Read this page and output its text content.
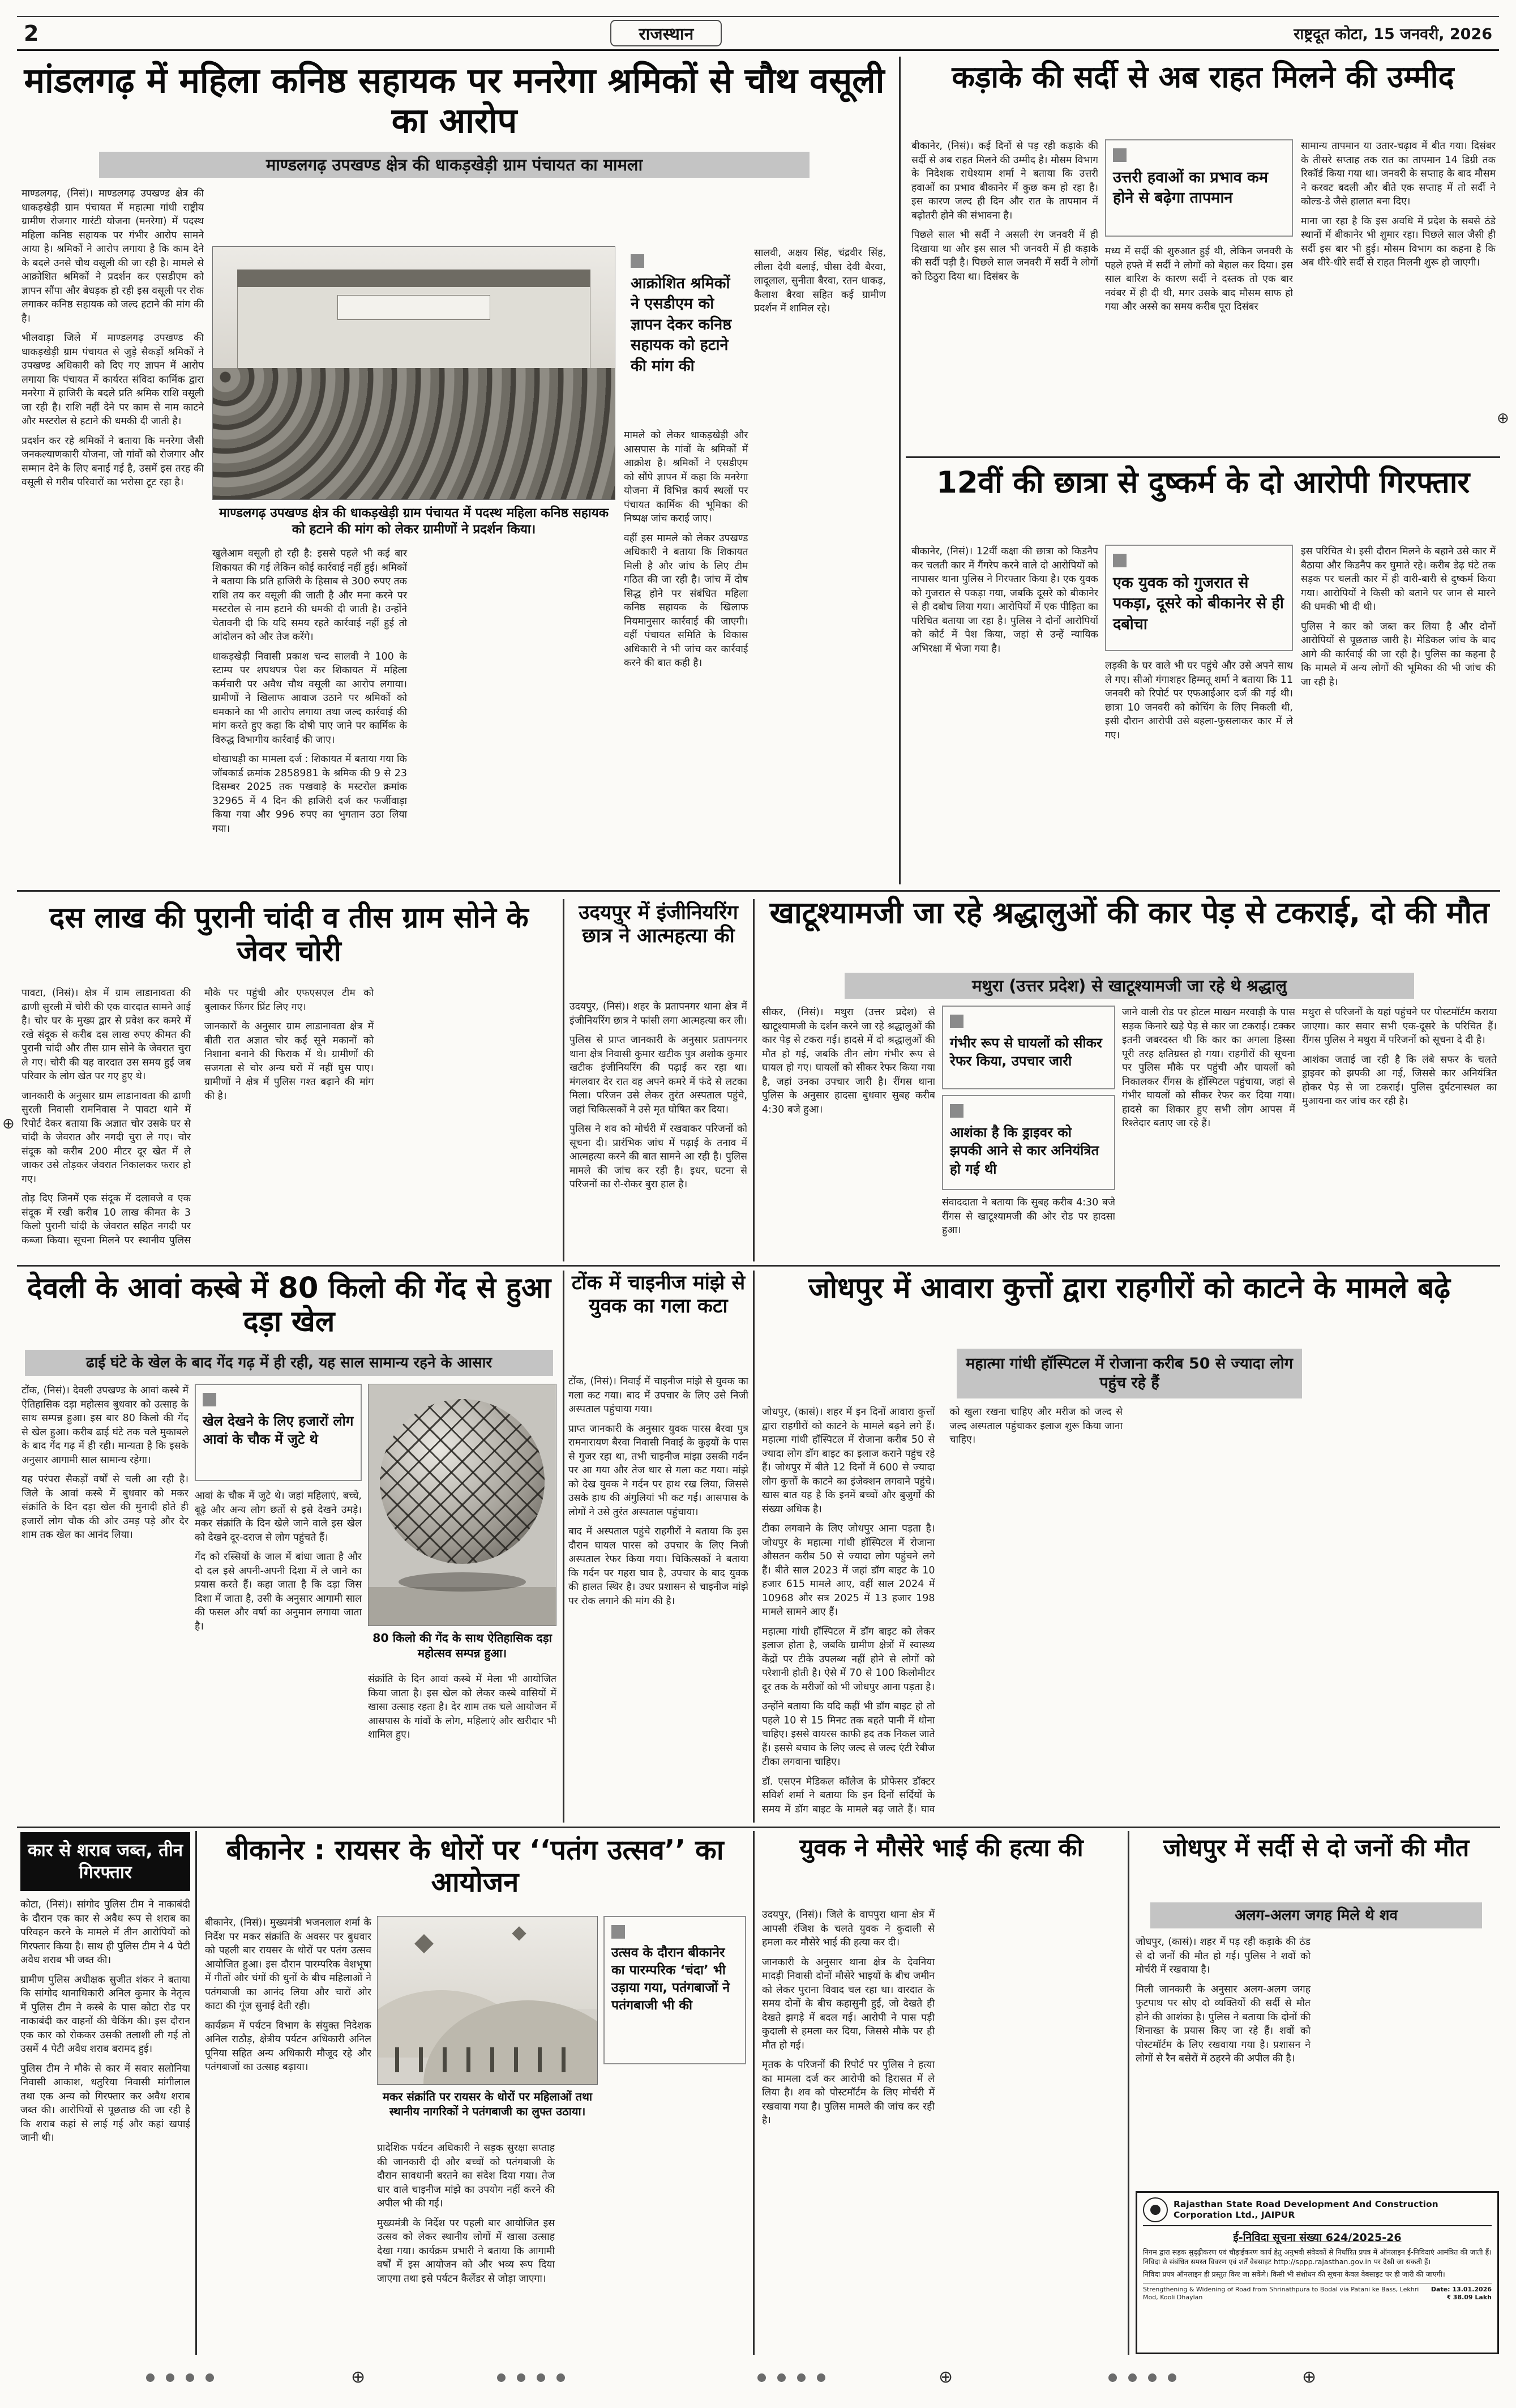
2	राजस्थान	राष्ट्रदूत कोटा, 15 जनवरी, 2026
मांडलगढ़ में महिला कनिष्ठ सहायक पर मनरेगा श्रमिकों से चौथ वसूली का आरोप
माण्डलगढ़ उपखण्ड क्षेत्र की धाकड़खेड़ी ग्राम पंचायत का मामला

माण्डलगढ़, (निसं)। माण्डलगढ़ उपखण्ड क्षेत्र की धाकड़खेड़ी ग्राम पंचायत में महात्मा गांधी राष्ट्रीय ग्रामीण रोजगार गारंटी योजना (मनरेगा) में पदस्थ महिला कनिष्ठ सहायक पर गंभीर आरोप सामने आया है। श्रमिकों ने आरोप लगाया है कि काम देने के बदले उनसे चौथ वसूली की जा रही है। मामले से आक्रोशित श्रमिकों ने प्रदर्शन कर एसडीएम को ज्ञापन सौंपा और बेधड़क हो रही इस वसूली पर रोक लगाकर कनिष्ठ सहायक को जल्द हटाने की मांग की है।

भीलवाड़ा जिले में माण्डलगढ़ उपखण्ड की धाकड़खेड़ी ग्राम पंचायत से जुड़े सैकड़ों श्रमिकों ने उपखण्ड अधिकारी को दिए गए ज्ञापन में आरोप लगाया कि पंचायत में कार्यरत संविदा कार्मिक द्वारा मनरेगा में हाजिरी के बदले प्रति श्रमिक राशि वसूली जा रही है। राशि नहीं देने पर काम से नाम काटने और मस्टरोल से हटाने की धमकी दी जाती है।

प्रदर्शन कर रहे श्रमिकों ने बताया कि मनरेगा जैसी जनकल्याणकारी योजना, जो गांवों को रोजगार और सम्मान देने के लिए बनाई गई है, उसमें इस तरह की वसूली से गरीब परिवारों का भरोसा टूट रहा है।

माण्डलगढ़ उपखण्ड क्षेत्र की धाकड़खेड़ी ग्राम पंचायत में पदस्थ महिला कनिष्ठ सहायक को हटाने की मांग को लेकर ग्रामीणों ने प्रदर्शन किया।

खुलेआम वसूली हो रही है: इससे पहले भी कई बार शिकायत की गई लेकिन कोई कार्रवाई नहीं हुई। श्रमिकों ने बताया कि प्रति हाजिरी के हिसाब से 300 रुपए तक राशि तय कर वसूली की जाती है और मना करने पर मस्टरोल से नाम हटाने की धमकी दी जाती है। उन्होंने चेतावनी दी कि यदि समय रहते कार्रवाई नहीं हुई तो आंदोलन को और तेज करेंगे।

धाकड़खेड़ी निवासी प्रकाश चन्द सालवी ने 100 के स्टाम्प पर शपथपत्र पेश कर शिकायत में महिला कर्मचारी पर अवैध चौथ वसूली का आरोप लगाया। ग्रामीणों ने खिलाफ आवाज उठाने पर श्रमिकों को धमकाने का भी आरोप लगाया तथा जल्द कार्रवाई की मांग करते हुए कहा कि दोषी पाए जाने पर कार्मिक के विरुद्ध विभागीय कार्रवाई की जाए।

धोखाधड़ी का मामला दर्ज : शिकायत में बताया गया कि जॉबकार्ड क्रमांक 2858981 के श्रमिक की 9 से 23 दिसम्बर 2025 तक पखवाड़े के मस्टरोल क्रमांक 32965 में 4 दिन की हाजिरी दर्ज कर फर्जीवाड़ा किया गया और 996 रुपए का भुगतान उठा लिया गया।

आक्रोशित श्रमिकों ने एसडीएम को ज्ञापन देकर कनिष्ठ सहायक को हटाने की मांग की

सालवी, अक्षय सिंह, चंद्रवीर सिंह, लीला देवी बलाई, घीसा देवी बैरवा, लादूलाल, सुनीता बैरवा, रतन धाकड़, कैलाश बैरवा सहित कई ग्रामीण प्रदर्शन में शामिल रहे।

मामले को लेकर धाकड़खेड़ी और आसपास के गांवों के श्रमिकों में आक्रोश है। श्रमिकों ने एसडीएम को सौंपे ज्ञापन में कहा कि मनरेगा योजना में विभिन्न कार्य स्थलों पर पंचायत कार्मिक की भूमिका की निष्पक्ष जांच कराई जाए।

वहीं इस मामले को लेकर उपखण्ड अधिकारी ने बताया कि शिकायत मिली है और जांच के लिए टीम गठित की जा रही है। जांच में दोष सिद्ध होने पर संबंधित महिला कनिष्ठ सहायक के खिलाफ नियमानुसार कार्रवाई की जाएगी। वहीं पंचायत समिति के विकास अधिकारी ने भी जांच कर कार्रवाई करने की बात कही है।

कड़ाके की सर्दी से अब राहत मिलने की उम्मीद

बीकानेर, (निसं)। कई दिनों से पड़ रही कड़ाके की सर्दी से अब राहत मिलने की उम्मीद है। मौसम विभाग के निदेशक राधेश्याम शर्मा ने बताया कि उत्तरी हवाओं का प्रभाव बीकानेर में कुछ कम हो रहा है। इस कारण जल्द ही दिन और रात के तापमान में बढ़ोतरी होने की संभावना है।

पिछले साल भी सर्दी ने असली रंग जनवरी में ही दिखाया था और इस साल भी जनवरी में ही कड़ाके की सर्दी पड़ी है। पिछले साल जनवरी में सर्दी ने लोगों को ठिठुरा दिया था। दिसंबर के

उत्तरी हवाओं का प्रभाव कम होने से बढ़ेगा तापमान

मध्य में सर्दी की शुरुआत हुई थी, लेकिन जनवरी के पहले हफ्ते में सर्दी ने लोगों को बेहाल कर दिया। इस साल बारिश के कारण सर्दी ने दस्तक तो एक बार नवंबर में ही दी थी, मगर उसके बाद मौसम साफ हो गया और अस्से का समय करीब पूरा दिसंबर

सामान्य तापमान या उतार-चढ़ाव में बीत गया। दिसंबर के तीसरे सप्ताह तक रात का तापमान 14 डिग्री तक रिकॉर्ड किया गया था। जनवरी के सप्ताह के बाद मौसम ने करवट बदली और बीते एक सप्ताह में तो सर्दी ने कोल्ड-डे जैसे हालात बना दिए।

माना जा रहा है कि इस अवधि में प्रदेश के सबसे ठंडे स्थानों में बीकानेर भी शुमार रहा। पिछले साल जैसी ही सर्दी इस बार भी हुई। मौसम विभाग का कहना है कि अब धीरे-धीरे सर्दी से राहत मिलनी शुरू हो जाएगी।

12वीं की छात्रा से दुष्कर्म के दो आरोपी गिरफ्तार

बीकानेर, (निसं)। 12वीं कक्षा की छात्रा को किडनैप कर चलती कार में गैंगरेप करने वाले दो आरोपियों को नापासर थाना पुलिस ने गिरफ्तार किया है। एक युवक को गुजरात से पकड़ा गया, जबकि दूसरे को बीकानेर से ही दबोच लिया गया। आरोपियों में एक पीड़िता का परिचित बताया जा रहा है। पुलिस ने दोनों आरोपियों को कोर्ट में पेश किया, जहां से उन्हें न्यायिक अभिरक्षा में भेजा गया है।

एक युवक को गुजरात से पकड़ा, दूसरे को बीकानेर से ही दबोचा

लड़की के घर वाले भी घर पहुंचे और उसे अपने साथ ले गए। सीओ गंगाशहर हिम्मतू शर्मा ने बताया कि 11 जनवरी को रिपोर्ट पर एफआईआर दर्ज की गई थी। छात्रा 10 जनवरी को कोचिंग के लिए निकली थी, इसी दौरान आरोपी उसे बहला-फुसलाकर कार में ले गए।

इस परिचित थे। इसी दौरान मिलने के बहाने उसे कार में बैठाया और किडनैप कर घुमाते रहे। करीब डेढ़ घंटे तक सड़क पर चलती कार में ही वारी-बारी से दुष्कर्म किया गया। आरोपियों ने किसी को बताने पर जान से मारने की धमकी भी दी थी।

पुलिस ने कार को जब्त कर लिया है और दोनों आरोपियों से पूछताछ जारी है। मेडिकल जांच के बाद आगे की कार्रवाई की जा रही है। पुलिस का कहना है कि मामले में अन्य लोगों की भूमिका की भी जांच की जा रही है।

दस लाख की पुरानी चांदी व तीस ग्राम सोने के जेवर चोरी

पावटा, (निसं)। क्षेत्र में ग्राम लाडानावता की ढाणी सुरली में चोरी की एक वारदात सामने आई है। चोर घर के मुख्य द्वार से प्रवेश कर कमरे में रखे संदूक से करीब दस लाख रुपए कीमत की पुरानी चांदी और तीस ग्राम सोने के जेवरात चुरा ले गए। चोरी की यह वारदात उस समय हुई जब परिवार के लोग खेत पर गए हुए थे।

जानकारी के अनुसार ग्राम लाडानावता की ढाणी सुरली निवासी रामनिवास ने पावटा थाने में रिपोर्ट देकर बताया कि अज्ञात चोर उसके घर से चांदी के जेवरात और नगदी चुरा ले गए। चोर संदूक को करीब 200 मीटर दूर खेत में ले जाकर उसे तोड़कर जेवरात निकालकर फरार हो गए।

तोड़ दिए जिनमें एक संदूक में दलावजे व एक संदूक में रखी करीब 10 लाख कीमत के 3 किलो पुरानी चांदी के जेवरात सहित नगदी पर कब्जा किया। सूचना मिलने पर स्थानीय पुलिस मौके पर पहुंची और एफएसएल टीम को बुलाकर फिंगर प्रिंट लिए गए।

जानकारों के अनुसार ग्राम लाडानावता क्षेत्र में बीती रात अज्ञात चोर कई सूने मकानों को निशाना बनाने की फिराक में थे। ग्रामीणों की सजगता से चोर अन्य घरों में नहीं घुस पाए। ग्रामीणों ने क्षेत्र में पुलिस गश्त बढ़ाने की मांग की है।

उदयपुर में इंजीनियरिंग छात्र ने आत्महत्या की

उदयपुर, (निसं)। शहर के प्रतापनगर थाना क्षेत्र में इंजीनियरिंग छात्र ने फांसी लगा आत्महत्या कर ली।

पुलिस से प्राप्त जानकारी के अनुसार प्रतापनगर थाना क्षेत्र निवासी कुमार खटीक पुत्र अशोक कुमार खटीक इंजीनियरिंग की पढ़ाई कर रहा था। मंगलवार देर रात वह अपने कमरे में फंदे से लटका मिला। परिजन उसे लेकर तुरंत अस्पताल पहुंचे, जहां चिकित्सकों ने उसे मृत घोषित कर दिया।

पुलिस ने शव को मोर्चरी में रखवाकर परिजनों को सूचना दी। प्रारंभिक जांच में पढ़ाई के तनाव में आत्महत्या करने की बात सामने आ रही है। पुलिस मामले की जांच कर रही है। इधर, घटना से परिजनों का रो-रोकर बुरा हाल है।

खाटूश्यामजी जा रहे श्रद्धालुओं की कार पेड़ से टकराई, दो की मौत
मथुरा (उत्तर प्रदेश) से खाटूश्यामजी जा रहे थे श्रद्धालु

सीकर, (निसं)। मथुरा (उत्तर प्रदेश) से खाटूश्यामजी के दर्शन करने जा रहे श्रद्धालुओं की कार पेड़ से टकरा गई। हादसे में दो श्रद्धालुओं की मौत हो गई, जबकि तीन लोग गंभीर रूप से घायल हो गए। घायलों को सीकर रेफर किया गया है, जहां उनका उपचार जारी है। रींगस थाना पुलिस के अनुसार हादसा बुधवार सुबह करीब 4:30 बजे हुआ।

गंभीर रूप से घायलों को सीकर रेफर किया, उपचार जारी
आशंका है कि ड्राइवर को झपकी आने से कार अनियंत्रित हो गई थी

संवाददाता ने बताया कि सुबह करीब 4:30 बजे रींगस से खाटूश्यामजी की ओर रोड पर हादसा हुआ।

जाने वाली रोड पर होटल माखन मरवाड़ी के पास सड़क किनारे खड़े पेड़ से कार जा टकराई। टक्कर इतनी जबरदस्त थी कि कार का अगला हिस्सा पूरी तरह क्षतिग्रस्त हो गया। राहगीरों की सूचना पर पुलिस मौके पर पहुंची और घायलों को निकालकर रींगस के हॉस्पिटल पहुंचाया, जहां से गंभीर घायलों को सीकर रेफर कर दिया गया। हादसे का शिकार हुए सभी लोग आपस में रिश्तेदार बताए जा रहे हैं।

मथुरा से परिजनों के यहां पहुंचने पर पोस्टमॉर्टम कराया जाएगा। कार सवार सभी एक-दूसरे के परिचित हैं। रींगस पुलिस ने मथुरा में परिजनों को सूचना दे दी है।

आशंका जताई जा रही है कि लंबे सफर के चलते ड्राइवर को झपकी आ गई, जिससे कार अनियंत्रित होकर पेड़ से जा टकराई। पुलिस दुर्घटनास्थल का मुआयना कर जांच कर रही है।

देवली के आवां कस्बे में 80 किलो की गेंद से हुआ दड़ा खेल
ढाई घंटे के खेल के बाद गेंद गढ़ में ही रही, यह साल सामान्य रहने के आसार

टोंक, (निसं)। देवली उपखण्ड के आवां कस्बे में ऐतिहासिक दड़ा महोत्सव बुधवार को उत्साह के साथ सम्पन्न हुआ। इस बार 80 किलो की गेंद से खेल हुआ। करीब ढाई घंटे तक चले मुकाबले के बाद गेंद गढ़ में ही रही। मान्यता है कि इसके अनुसार आगामी साल सामान्य रहेगा।

यह परंपरा सैकड़ों वर्षों से चली आ रही है। जिले के आवां कस्बे में बुधवार को मकर संक्रांति के दिन दड़ा खेल की मुनादी होते ही हजारों लोग चौक की ओर उमड़ पड़े और देर शाम तक खेल का आनंद लिया।

खेल देखने के लिए हजारों लोग आवां के चौक में जुटे थे

आवां के चौक में जुटे थे। जहां महिलाएं, बच्चे, बूढ़े और अन्य लोग छतों से इसे देखने उमड़े। मकर संक्रांति के दिन खेले जाने वाले इस खेल को देखने दूर-दराज से लोग पहुंचते हैं।

गेंद को रस्सियों के जाल में बांधा जाता है और दो दल इसे अपनी-अपनी दिशा में ले जाने का प्रयास करते हैं। कहा जाता है कि दड़ा जिस दिशा में जाता है, उसी के अनुसार आगामी साल की फसल और वर्षा का अनुमान लगाया जाता है।

80 किलो की गेंद के साथ ऐतिहासिक दड़ा महोत्सव सम्पन्न हुआ।

संक्रांति के दिन आवां कस्बे में मेला भी आयोजित किया जाता है। इस खेल को लेकर कस्बे वासियों में खासा उत्साह रहता है। देर शाम तक चले आयोजन में आसपास के गांवों के लोग, महिलाएं और खरीदार भी शामिल हुए।

टोंक में चाइनीज मांझे से युवक का गला कटा

टोंक, (निसं)। निवाई में चाइनीज मांझे से युवक का गला कट गया। बाद में उपचार के लिए उसे निजी अस्पताल पहुंचाया गया।

प्राप्त जानकारी के अनुसार युवक पारस बैरवा पुत्र रामनारायण बैरवा निवासी निवाई के कुइयों के पास से गुजर रहा था, तभी चाइनीज मांझा उसकी गर्दन पर आ गया और तेज धार से गला कट गया। मांझे को देख युवक ने गर्दन पर हाथ रख लिया, जिससे उसके हाथ की अंगुलियां भी कट गईं। आसपास के लोगों ने उसे तुरंत अस्पताल पहुंचाया।

बाद में अस्पताल पहुंचे राहगीरों ने बताया कि इस दौरान घायल पारस को उपचार के लिए निजी अस्पताल रेफर किया गया। चिकित्सकों ने बताया कि गर्दन पर गहरा घाव है, उपचार के बाद युवक की हालत स्थिर है। उधर प्रशासन से चाइनीज मांझे पर रोक लगाने की मांग की है।

जोधपुर में आवारा कुत्तों द्वारा राहगीरों को काटने के मामले बढ़े
महात्मा गांधी हॉस्पिटल में रोजाना करीब 50 से ज्यादा लोग पहुंच रहे हैं

जोधपुर, (कासं)। शहर में इन दिनों आवारा कुत्तों द्वारा राहगीरों को काटने के मामले बढ़ने लगे हैं। महात्मा गांधी हॉस्पिटल में रोजाना करीब 50 से ज्यादा लोग डॉग बाइट का इलाज कराने पहुंच रहे हैं। जोधपुर में बीते 12 दिनों में 600 से ज्यादा लोग कुत्तों के काटने का इंजेक्शन लगवाने पहुंचे। खास बात यह है कि इनमें बच्चों और बुजुर्गों की संख्या अधिक है।

टीका लगवाने के लिए जोधपुर आना पड़ता है। जोधपुर के महात्मा गांधी हॉस्पिटल में रोजाना औसतन करीब 50 से ज्यादा लोग पहुंचने लगे हैं। बीते साल 2023 में जहां डॉग बाइट के 10 हजार 615 मामले आए, वहीं साल 2024 में 10968 और सत्र 2025 में 13 हजार 198 मामले सामने आए हैं।

महात्मा गांधी हॉस्पिटल में डॉग बाइट को लेकर इलाज होता है, जबकि ग्रामीण क्षेत्रों में स्वास्थ्य केंद्रों पर टीके उपलब्ध नहीं होने से लोगों को परेशानी होती है। ऐसे में 70 से 100 किलोमीटर दूर तक के मरीजों को भी जोधपुर आना पड़ता है।

उन्होंने बताया कि यदि कहीं भी डॉग बाइट हो तो पहले 10 से 15 मिनट तक बहते पानी में धोना चाहिए। इससे वायरस काफी हद तक निकल जाते हैं। इससे बचाव के लिए जल्द से जल्द एंटी रेबीज टीका लगवाना चाहिए।

डॉ. एसएन मेडिकल कॉलेज के प्रोफेसर डॉक्टर सविर्श शर्मा ने बताया कि इन दिनों सर्दियों के समय में डॉग बाइट के मामले बढ़ जाते हैं। घाव को खुला रखना चाहिए और मरीज को जल्द से जल्द अस्पताल पहुंचाकर इलाज शुरू किया जाना चाहिए।

कार से शराब जब्त, तीन गिरफ्तार

कोटा, (निसं)। सांगोद पुलिस टीम ने नाकाबंदी के दौरान एक कार से अवैध रूप से शराब का परिवहन करने के मामले में तीन आरोपियों को गिरफ्तार किया है। साथ ही पुलिस टीम ने 4 पेटी अवैध शराब भी जब्त की।

ग्रामीण पुलिस अधीक्षक सुजीत शंकर ने बताया कि सांगोद थानाधिकारी अनिल कुमार के नेतृत्व में पुलिस टीम ने कस्बे के पास कोटा रोड पर नाकाबंदी कर वाहनों की चैकिंग की। इस दौरान एक कार को रोककर उसकी तलाशी ली गई तो उसमें 4 पेटी अवैध शराब बरामद हुई।

पुलिस टीम ने मौके से कार में सवार सलोनिया निवासी आकाश, धतुरिया निवासी मांगीलाल तथा एक अन्य को गिरफ्तार कर अवैध शराब जब्त की। आरोपियों से पूछताछ की जा रही है कि शराब कहां से लाई गई और कहां खपाई जानी थी।

बीकानेर : रायसर के धोरों पर ‘‘पतंग उत्सव’’ का आयोजन

बीकानेर, (निसं)। मुख्यमंत्री भजनलाल शर्मा के निर्देश पर मकर संक्रांति के अवसर पर बुधवार को पहली बार रायसर के धोरों पर पतंग उत्सव आयोजित हुआ। इस दौरान पारम्परिक वेशभूषा में गीतों और चंगों की धुनों के बीच महिलाओं ने पतंगबाजी का आनंद लिया और चारों ओर काटा की गूंज सुनाई देती रही।

कार्यक्रम में पर्यटन विभाग के संयुक्त निदेशक अनिल राठौड़, क्षेत्रीय पर्यटन अधिकारी अनिल पूनिया सहित अन्य अधिकारी मौजूद रहे और पतंगबाजों का उत्साह बढ़ाया।

मकर संक्रांति पर रायसर के धोरों पर महिलाओं तथा स्थानीय नागरिकों ने पतंगबाजी का लुफ्त उठाया।
उत्सव के दौरान बीकानेर का पारम्परिक ‘चंदा’ भी उड़ाया गया, पतंगबाजों ने पतंगबाजी भी की

प्रादेशिक पर्यटन अधिकारी ने सड़क सुरक्षा सप्ताह की जानकारी दी और बच्चों को पतंगबाजी के दौरान सावधानी बरतने का संदेश दिया गया। तेज धार वाले चाइनीज मांझे का उपयोग नहीं करने की अपील भी की गई।

मुख्यमंत्री के निर्देश पर पहली बार आयोजित इस उत्सव को लेकर स्थानीय लोगों में खासा उत्साह देखा गया। कार्यक्रम प्रभारी ने बताया कि आगामी वर्षों में इस आयोजन को और भव्य रूप दिया जाएगा तथा इसे पर्यटन कैलेंडर से जोड़ा जाएगा।

युवक ने मौसेरे भाई की हत्या की

उदयपुर, (निसं)। जिले के वापपुरा थाना क्षेत्र में आपसी रंजिश के चलते युवक ने कुदाली से हमला कर मौसेरे भाई की हत्या कर दी।

जानकारी के अनुसार थाना क्षेत्र के देवनिया मादड़ी निवासी दोनों मौसेरे भाइयों के बीच जमीन को लेकर पुराना विवाद चल रहा था। वारदात के समय दोनों के बीच कहासुनी हुई, जो देखते ही देखते झगड़े में बदल गई। आरोपी ने पास पड़ी कुदाली से हमला कर दिया, जिससे मौके पर ही मौत हो गई।

मृतक के परिजनों की रिपोर्ट पर पुलिस ने हत्या का मामला दर्ज कर आरोपी को हिरासत में ले लिया है। शव को पोस्टमॉर्टम के लिए मोर्चरी में रखवाया गया है। पुलिस मामले की जांच कर रही है।

जोधपुर में सर्दी से दो जनों की मौत
अलग-अलग जगह मिले थे शव

जोधपुर, (कासं)। शहर में पड़ रही कड़ाके की ठंड से दो जनों की मौत हो गई। पुलिस ने शवों को मोर्चरी में रखवाया है।

मिली जानकारी के अनुसार अलग-अलग जगह फुटपाथ पर सोए दो व्यक्तियों की सर्दी से मौत होने की आशंका है। पुलिस ने बताया कि दोनों की शिनाख्त के प्रयास किए जा रहे हैं। शवों को पोस्टमॉर्टम के लिए रखवाया गया है। प्रशासन ने लोगों से रैन बसेरों में ठहरने की अपील की है।

Rajasthan State Road Development And Construction Corporation Ltd., JAIPUR
ई-निविदा सूचना संख्या 624/2025-26

निगम द्वारा सड़क सुदृढ़ीकरण एवं चौड़ाईकरण कार्य हेतु अनुभवी संवेदकों से निर्धारित प्रपत्र में ऑनलाइन ई-निविदाएं आमंत्रित की जाती हैं। निविदा से संबंधित समस्त विवरण एवं शर्तें वेबसाइट http://sppp.rajasthan.gov.in पर देखी जा सकती हैं।

निविदा प्रपत्र ऑनलाइन ही प्रस्तुत किए जा सकेंगे। किसी भी संशोधन की सूचना केवल वेबसाइट पर ही जारी की जाएगी।

Strengthening & Widening of Road from Shrinathpura to Bodal via Patani ke Bass, Lekhri Mod, Kooli Dhaylan
Date: 13.01.2026
₹ 38.09 Lakh
⊕	⊕	⊕
⊕
⊕
